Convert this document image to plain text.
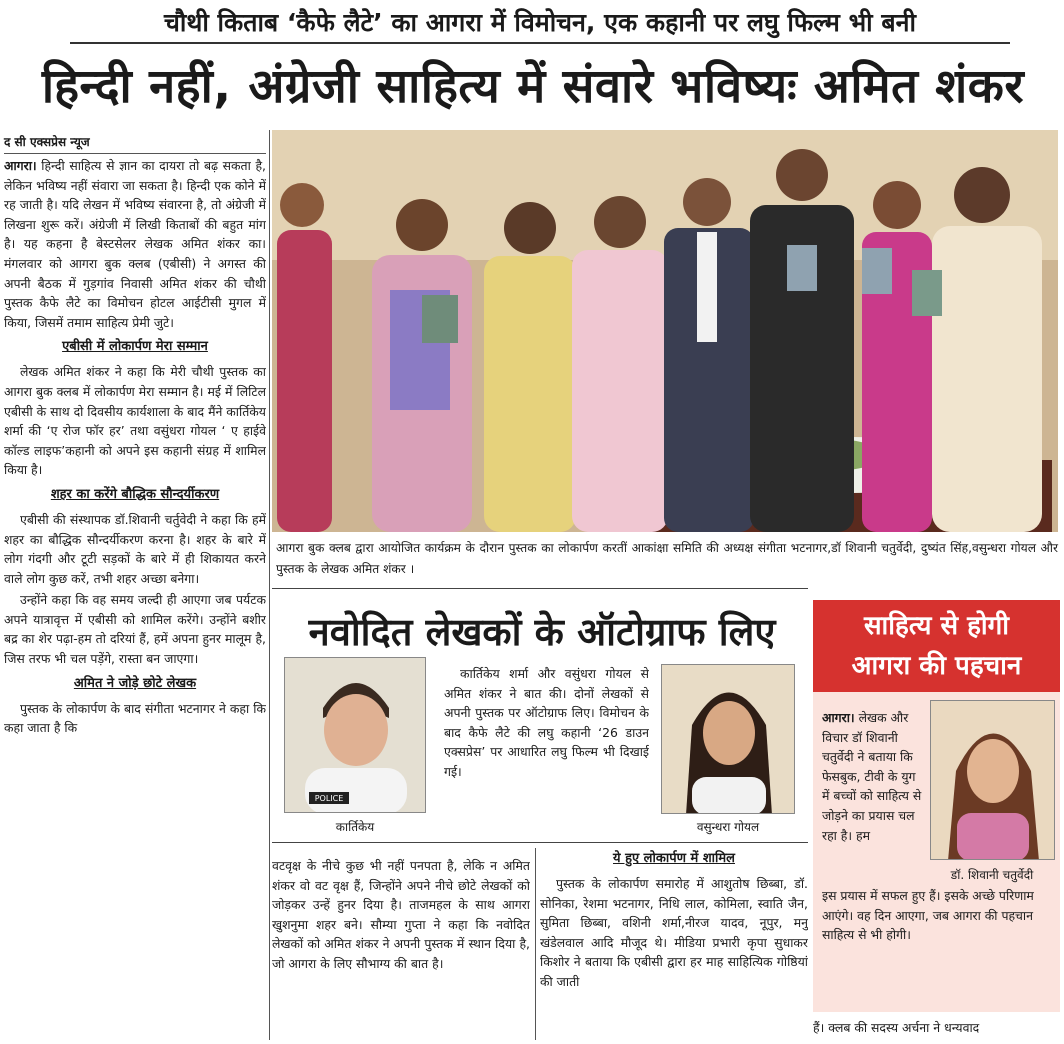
चौथी किताब ‘कैफे लैटे’ का आगरा में विमोचन, एक कहानी पर लघु फिल्म भी बनी
हिन्दी नहीं, अंग्रेजी साहित्य में संवारे भविष्यः अमित शंकर
द सी एक्सप्रेस न्यूज

आगरा। हिन्दी साहित्य से ज्ञान का दायरा तो बढ़ सकता है, लेकिन भविष्य नहीं संवारा जा सकता है। हिन्दी एक कोने में रह जाती है। यदि लेखन में भविष्य संवारना है, तो अंग्रेजी में लिखना शुरू करें। अंग्रेजी में लिखी किताबों की बहुत मांग है। यह कहना है बेस्टसेलर लेखक अमित शंकर का। मंगलवार को आगरा बुक क्लब (एबीसी) ने अगस्त की अपनी बैठक में गुड़गांव निवासी अमित शंकर की चौथी पुस्तक कैफे लैटे का विमोचन होटल आईटीसी मुगल में किया, जिसमें तमाम साहित्य प्रेमी जुटे।

एबीसी में लोकार्पण मेरा सम्मान

लेखक अमित शंकर ने कहा कि मेरी चौथी पुस्तक का आगरा बुक क्लब में लोकार्पण मेरा सम्मान है। मई में लिटिल एबीसी के साथ दो दिवसीय कार्यशाला के बाद मैंने कार्तिकेय शर्मा की ‘ए रोज फॉर हर’ तथा वसुंधरा गोयल ‘ ए हाईवे कॉल्ड लाइफ’कहानी को अपने इस कहानी संग्रह में शामिल किया है।

शहर का करेंगे बौद्धिक सौन्दर्यीकरण

एबीसी की संस्थापक डॉ.शिवानी चर्तुवेदी ने कहा कि हमें शहर का बौद्धिक सौन्दर्यीकरण करना है। शहर के बारे में लोग गंदगी और टूटी सड़कों के बारे में ही शिकायत करने वाले लोग कुछ करें, तभी शहर अच्छा बनेगा।

उन्होंने कहा कि वह समय जल्दी ही आएगा जब पर्यटक अपने यात्रावृत्त में एबीसी को शामिल करेंगे। उन्होंने बशीर बद्र का शेर पढ़ा-हम तो दरियां हैं, हमें अपना हुनर मालूम है, जिस तरफ भी चल पड़ेंगे, रास्ता बन जाएगा।

अमित ने जोड़े छोटे लेखक

पुस्तक के लोकार्पण के बाद संगीता भटनागर ने कहा कि कहा जाता है कि

आगरा बुक क्लब द्वारा आयोजित कार्यक्रम के दौरान पुस्तक का लोकार्पण करतीं आकांक्षा समिति की अध्यक्ष संगीता भटनागर,डॉ शिवानी चतुर्वेदी, दुष्यंत सिंह,वसुन्धरा गोयल और पुस्तक के लेखक अमित शंकर ।
नवोदित लेखकों के ऑटोग्राफ लिए
POLICE
कार्तिकेय

कार्तिकेय शर्मा और वसुंधरा गोयल से अमित शंकर ने बात की। दोनों लेखकों से अपनी पुस्तक पर ऑटोग्राफ लिए। विमोचन के बाद कैफे लैटे की लघु कहानी ‘26 डाउन एक्सप्रेस’ पर आधारित लघु फिल्म भी दिखाई गई।

वसुन्धरा गोयल

वटवृक्ष के नीचे कुछ भी नहीं पनपता है, लेकि न अमित शंकर वो वट वृक्ष हैं, जिन्होंने अपने नीचे छोटे लेखकों को जोड़कर उन्हें हुनर दिया है। ताजमहल के साथ आगरा खुशनुमा शहर बने। सौम्या गुप्ता ने कहा कि नवोदित लेखकों को अमित शंकर ने अपनी पुस्तक में स्थान दिया है, जो आगरा के लिए सौभाग्य की बात है।

ये हुए लोकार्पण में शामिल

पुस्तक के लोकार्पण समारोह में आशुतोष छिब्बा, डॉ. सोनिका, रेशमा भटनागर, निधि लाल, कोमिला, स्वाति जैन, सुमिता छिब्बा, वशिनी शर्मा,नीरज यादव, नूपुर, मनु खंडेलवाल आदि मौजूद थे। मीडिया प्रभारी कृपा सुधाकर किशोर ने बताया कि एबीसी द्वारा हर माह साहित्यिक गोष्ठियां की जाती

साहित्य से होगी
आगरा की पहचान

आगरा। लेखक और विचार डॉ शिवानी चतुर्वेदी ने बताया कि फेसबुक, टीवी के युग में बच्चों को साहित्य से जोड़ने का प्रयास चल रहा है। हम

डॉ. शिवानी चतुर्वेदी

इस प्रयास में सफल हुए हैं। इसके अच्छे परिणाम आएंगे। वह दिन आएगा, जब आगरा की पहचान साहित्य से भी होगी।

हैं। क्लब की सदस्य अर्चना ने धन्यवाद
